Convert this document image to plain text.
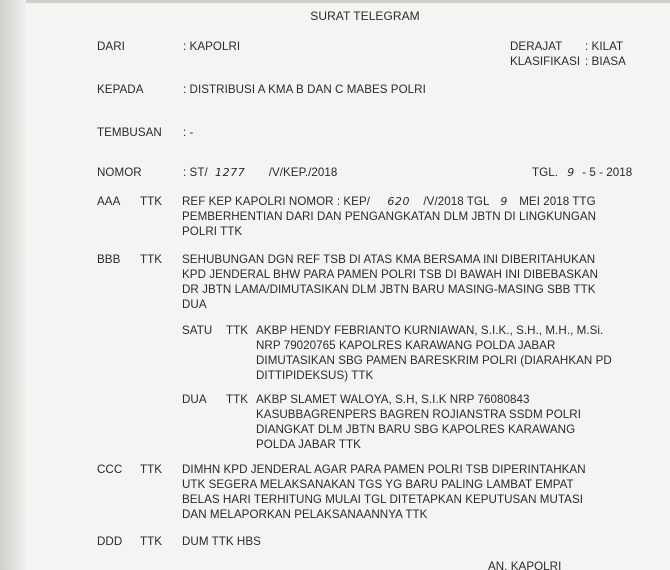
SURAT TELEGRAM
DARI	: KAPOLRI	DERAJAT : KILAT
KLASIFIKASI : BIASA
KEPADA	: DISTRIBUSI A KMA B DAN C MABES POLRI
TEMBUSAN : -
NOMOR	: ST/ 1277 /V/KEP./2018	TGL. 9 - 5 - 2018
AAA TTK REF KEP KAPOLRI NOMOR : KEP/ 620 /V/2018 TGL 9 MEI 2018 TTG
PEMBERHENTIAN DARI DAN PENGANGKATAN DLM JBTN DI LINGKUNGAN
POLRI TTK
BBB TTK SEHUBUNGAN DGN REF TSB DI ATAS KMA BERSAMA INI DIBERITAHUKAN
KPD JENDERAL BHW PARA PAMEN POLRI TSB DI BAWAH INI DIBEBASKAN
DR JBTN LAMA/DIMUTASIKAN DLM JBTN BARU MASING-MASING SBB TTK
DUA
SATU TTK AKBP HENDY FEBRIANTO KURNIAWAN, S.I.K., S.H., M.H., M.Si.
NRP 79020765 KAPOLRES KARAWANG POLDA JABAR
DIMUTASIKAN SBG PAMEN BARESKRIM POLRI (DIARAHKAN PD
DITTIPIDEKSUS) TTK
DUA TTK AKBP SLAMET WALOYA, S.H, S.I.K NRP 76080843
KASUBBAGRENPERS BAGREN ROJIANSTRA SSDM POLRI
DIANGKAT DLM JBTN BARU SBG KAPOLRES KARAWANG
POLDA JABAR TTK
CCC TTK DIMHN KPD JENDERAL AGAR PARA PAMEN POLRI TSB DIPERINTAHKAN
UTK SEGERA MELAKSANAKAN TGS YG BARU PALING LAMBAT EMPAT
BELAS HARI TERHITUNG MULAI TGL DITETAPKAN KEPUTUSAN MUTASI
DAN MELAPORKAN PELAKSANAANNYA TTK
DDD TTK DUM TTK HBS
AN. KAPOLRI
